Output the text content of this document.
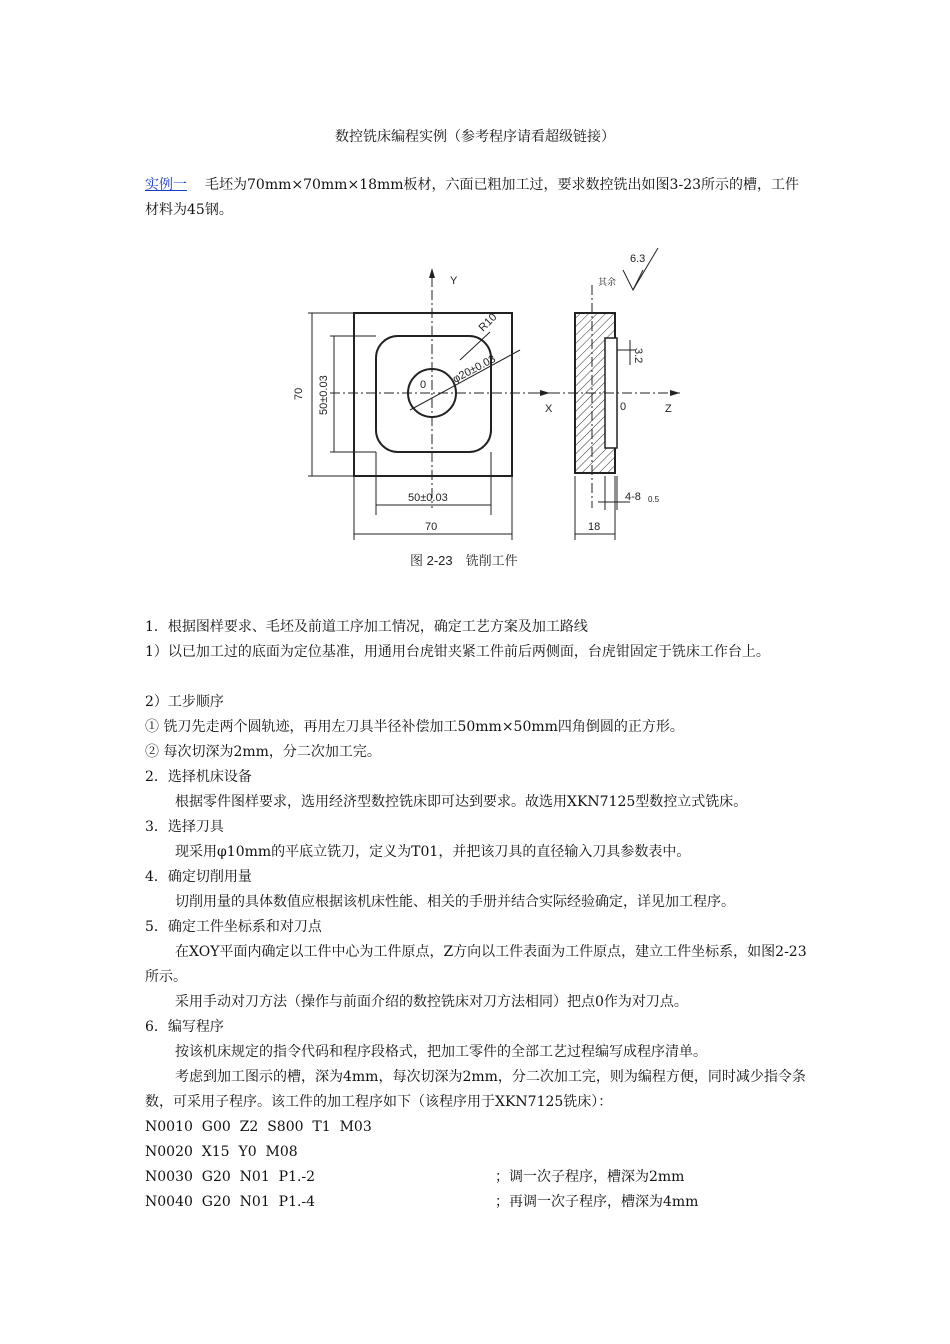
数控铣床编程实例（参考程序请看超级链接）
实例一 毛坯为70mm×70mm×18mm板材，六面已粗加工过，要求数控铣出如图3-23所示的槽，工件材料为45钢。
Y
X	Z
0
0
R10
φ20±0.03
70 50±0.03
50±0.03
70	18
4-8 0.5
3.2
6.3
其余
图 2-23　铣削工件
1．根据图样要求、毛坯及前道工序加工情况，确定工艺方案及加工路线
1）以已加工过的底面为定位基准，用通用台虎钳夹紧工件前后两侧面，台虎钳固定于铣床工作台上。
2）工步顺序
① 铣刀先走两个圆轨迹，再用左刀具半径补偿加工50mm×50mm四角倒圆的正方形。
② 每次切深为2mm，分二次加工完。
2．选择机床设备
根据零件图样要求，选用经济型数控铣床即可达到要求。故选用XKN7125型数控立式铣床。
3．选择刀具
现采用φ10mm的平底立铣刀，定义为T01，并把该刀具的直径输入刀具参数表中。
4．确定切削用量
切削用量的具体数值应根据该机床性能、相关的手册并结合实际经验确定，详见加工程序。
5．确定工件坐标系和对刀点
在XOY平面内确定以工件中心为工件原点，Z方向以工件表面为工件原点，建立工件坐标系，如图2-23所示。
采用手动对刀方法（操作与前面介绍的数控铣床对刀方法相同）把点0作为对刀点。
6．编写程序
按该机床规定的指令代码和程序段格式，把加工零件的全部工艺过程编写成程序清单。
考虑到加工图示的槽，深为4mm，每次切深为2mm，分二次加工完，则为编程方便，同时减少指令条数，可采用子程序。该工件的加工程序如下（该程序用于XKN7125铣床）：
N0010  G00  Z2  S800  T1  M03
N0020  X15  Y0  M08
N0030  G20  N01  P1.-2	；调一次子程序，槽深为2mm
N0040  G20  N01  P1.-4	；再调一次子程序，槽深为4mm
